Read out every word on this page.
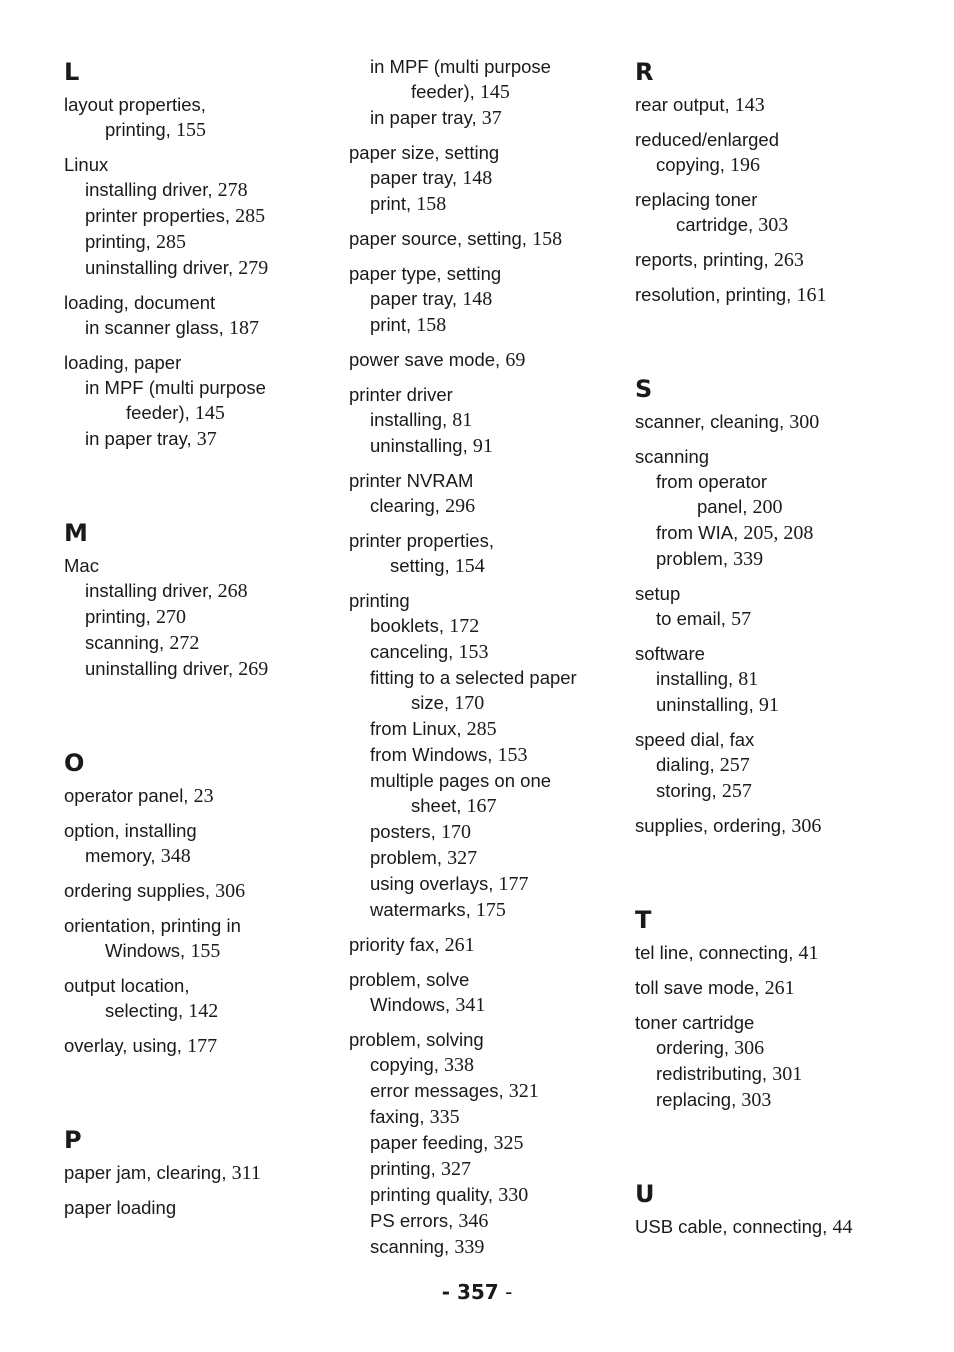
L
layout properties,
printing, 155
Linux
installing driver, 278
printer properties, 285
printing, 285
uninstalling driver, 279
loading, document
in scanner glass, 187
loading, paper
in MPF (multi purpose
feeder), 145
in paper tray, 37
M
Mac
installing driver, 268
printing, 270
scanning, 272
uninstalling driver, 269
O
operator panel, 23
option, installing
memory, 348
ordering supplies, 306
orientation, printing in
Windows, 155
output location,
selecting, 142
overlay, using, 177
P
paper jam, clearing, 311
paper loading
in MPF (multi purpose
feeder), 145
in paper tray, 37
paper size, setting
paper tray, 148
print, 158
paper source, setting, 158
paper type, setting
paper tray, 148
print, 158
power save mode, 69
printer driver
installing, 81
uninstalling, 91
printer NVRAM
clearing, 296
printer properties,
setting, 154
printing
booklets, 172
canceling, 153
fitting to a selected paper
size, 170
from Linux, 285
from Windows, 153
multiple pages on one
sheet, 167
posters, 170
problem, 327
using overlays, 177
watermarks, 175
priority fax, 261
problem, solve
Windows, 341
problem, solving
copying, 338
error messages, 321
faxing, 335
paper feeding, 325
printing, 327
printing quality, 330
PS errors, 346
scanning, 339
R
rear output, 143
reduced/enlarged
copying, 196
replacing toner
cartridge, 303
reports, printing, 263
resolution, printing, 161
S
scanner, cleaning, 300
scanning
from operator
panel, 200
from WIA, 205, 208
problem, 339
setup
to email, 57
software
installing, 81
uninstalling, 91
speed dial, fax
dialing, 257
storing, 257
supplies, ordering, 306
T
tel line, connecting, 41
toll save mode, 261
toner cartridge
ordering, 306
redistributing, 301
replacing, 303
U
USB cable, connecting, 44
- 357 -
